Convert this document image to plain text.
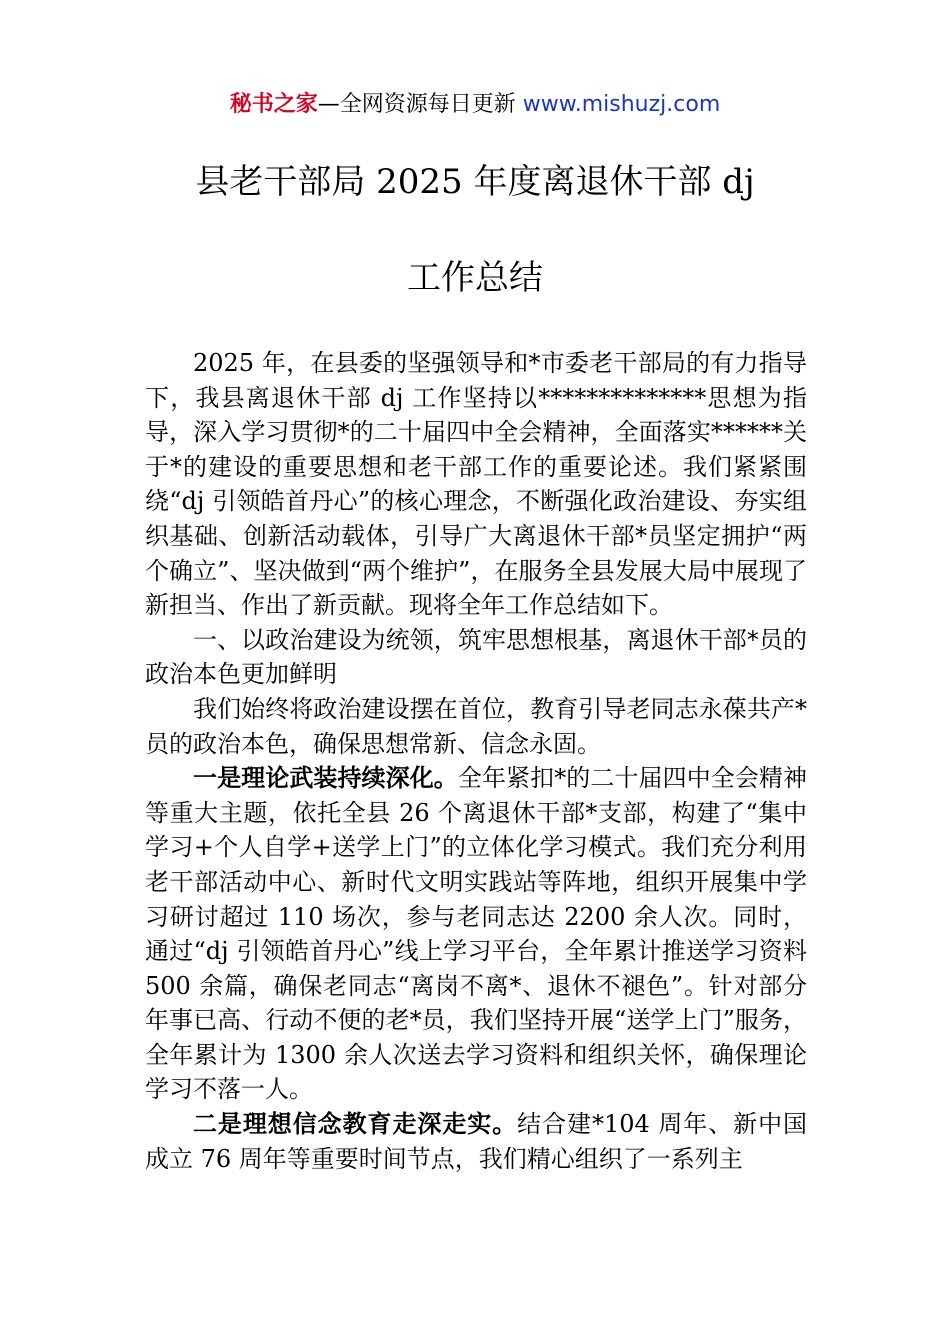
秘书之家—全网资源每日更新 www.mishuzj.com
县老干部局 2025 年度离退休干部 dj
工作总结

2025 年，在县委的坚强领导和*市委老干部局的有力指导下，我县离退休干部 dj 工作坚持以**************思想为指导，深入学习贯彻*的二十届四中全会精神，全面落实******关于*的建设的重要思想和老干部工作的重要论述。我们紧紧围绕“dj 引领皓首丹心”的核心理念，不断强化政治建设、夯实组织基础、创新活动载体，引导广大离退休干部*员坚定拥护“两个确立”、坚决做到“两个维护”，在服务全县发展大局中展现了新担当、作出了新贡献。现将全年工作总结如下。

一、以政治建设为统领，筑牢思想根基，离退休干部*员的政治本色更加鲜明

我们始终将政治建设摆在首位，教育引导老同志永葆共产*员的政治本色，确保思想常新、信念永固。

一是理论武装持续深化。全年紧扣*的二十届四中全会精神等重大主题，依托全县 26 个离退休干部*支部，构建了“集中学习+个人自学+送学上门”的立体化学习模式。我们充分利用老干部活动中心、新时代文明实践站等阵地，组织开展集中学习研讨超过 110 场次，参与老同志达 2200 余人次。同时，通过“dj 引领皓首丹心”线上学习平台，全年累计推送学习资料 500 余篇，确保老同志“离岗不离*、退休不褪色”。针对部分年事已高、行动不便的老*员，我们坚持开展“送学上门”服务，全年累计为 1300 余人次送去学习资料和组织关怀，确保理论学习不落一人。

二是理想信念教育走深走实。结合建*104 周年、新中国成立 76 周年等重要时间节点，我们精心组织了一系列主
